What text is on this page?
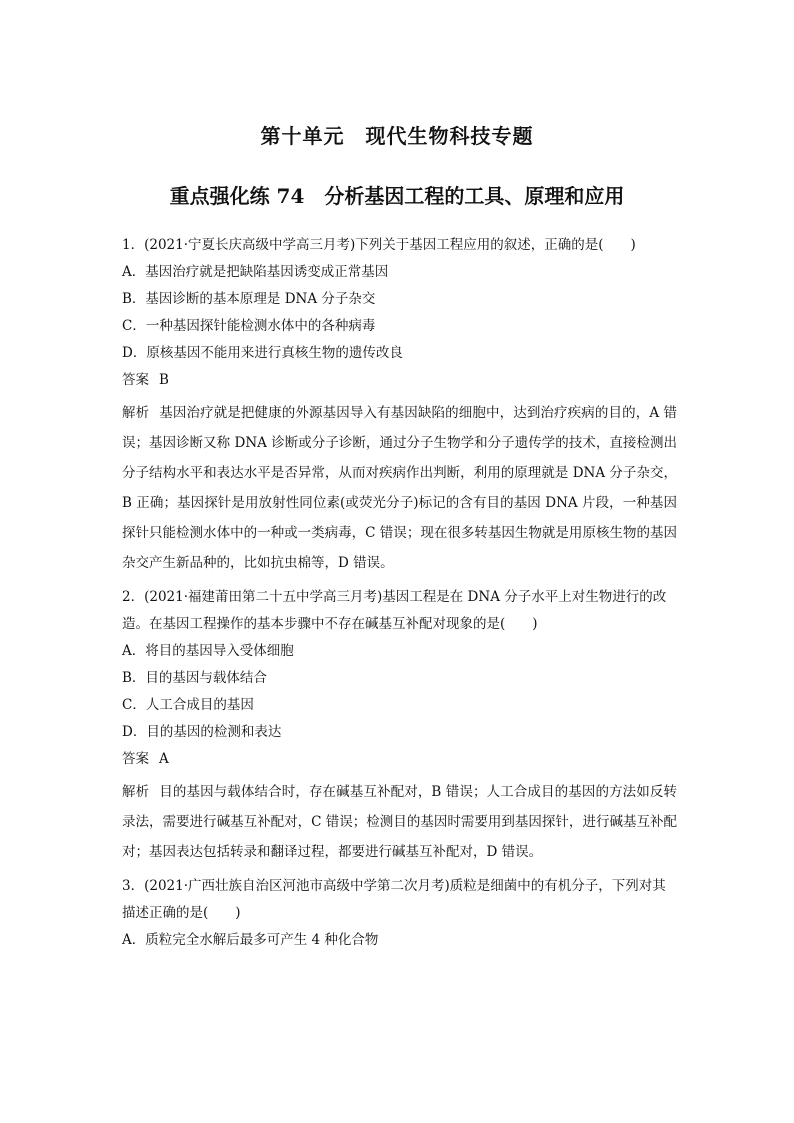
第十单元　现代生物科技专题
重点强化练 74　分析基因工程的工具、原理和应用

1．(2021·宁夏长庆高级中学高三月考)下列关于基因工程应用的叙述，正确的是(　　)

A．基因治疗就是把缺陷基因诱变成正常基因

B．基因诊断的基本原理是 DNA 分子杂交

C．一种基因探针能检测水体中的各种病毒

D．原核基因不能用来进行真核生物的遗传改良

答案 B

解析 基因治疗就是把健康的外源基因导入有基因缺陷的细胞中，达到治疗疾病的目的，A 错误；基因诊断又称 DNA 诊断或分子诊断，通过分子生物学和分子遗传学的技术，直接检测出分子结构水平和表达水平是否异常，从而对疾病作出判断，利用的原理就是 DNA 分子杂交，B 正确；基因探针是用放射性同位素(或荧光分子)标记的含有目的基因 DNA 片段，一种基因探针只能检测水体中的一种或一类病毒，C 错误；现在很多转基因生物就是用原核生物的基因杂交产生新品种的，比如抗虫棉等，D 错误。

2．(2021·福建莆田第二十五中学高三月考)基因工程是在 DNA 分子水平上对生物进行的改造。在基因工程操作的基本步骤中不存在碱基互补配对现象的是(　　)

A．将目的基因导入受体细胞

B．目的基因与载体结合

C．人工合成目的基因

D．目的基因的检测和表达

答案 A

解析 目的基因与载体结合时，存在碱基互补配对，B 错误；人工合成目的基因的方法如反转录法，需要进行碱基互补配对，C 错误；检测目的基因时需要用到基因探针，进行碱基互补配对；基因表达包括转录和翻译过程，都要进行碱基互补配对，D 错误。

3．(2021·广西壮族自治区河池市高级中学第二次月考)质粒是细菌中的有机分子，下列对其描述正确的是(　　)

A．质粒完全水解后最多可产生 4 种化合物
